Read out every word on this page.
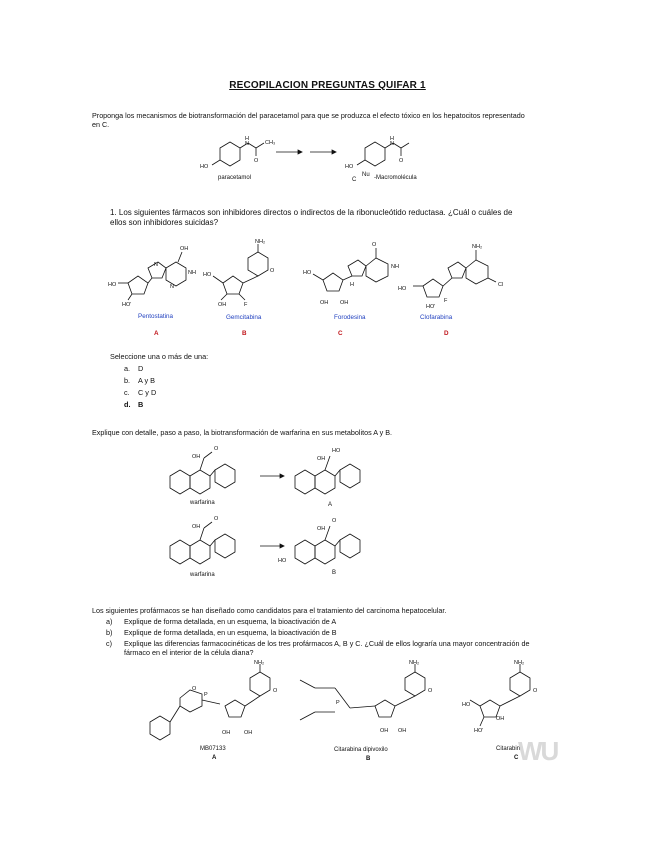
RECOPILACION PREGUNTAS QUIFAR 1
Proponga los mecanismos de biotransformación del paracetamol para que se produzca el efecto tóxico en los hepatocitos representado en C.
H
N	CH₃
O
HO
H
N
O
HO
paracetamol	C
Nu -Macromolécula
1. Los siguientes fármacos son inhibidores directos o indirectos de la ribonucleótido reductasa. ¿Cuál o cuáles de ellos son inhibidores suicidas?
OH
N
N
NH
HO
HO'
NH₂
HO
F
OH
O
O
NH
H
HO
OH OH
NH₂
Cl
HO
F
HO'
Pentostatina	Gemcitabina	Forodesina	Clofarabina
A	B	C	D
Seleccione una o más de una:
a. D
b. A y B
c. C y D
d. B
Explique con detalle, paso a paso, la biotransformación de warfarina en sus metabolitos A y B.
OH
O
OH
HO
OH
O
OH
O
HO
warfarina	A
warfarina	B
Los siguientes profármacos se han diseñado como candidatos para el tratamiento del carcinoma hepatocelular.
a) Explique de forma detallada, en un esquema, la bioactivación de A
b) Explique de forma detallada, en un esquema, la bioactivación de B
c)	Explique las diferencias farmacocinéticas de los tres profármacos A, B y C. ¿Cuál de ellos lograría una mayor concentración de fármaco en el interior de la célula diana?
NH₂
O
O
P
OH	OH
NH₂
O
P
OH OH
NH₂
O
HO
HO'
OH
MB07133
A
Citarabina dipivoxilo
B
Citarabina
C WU
